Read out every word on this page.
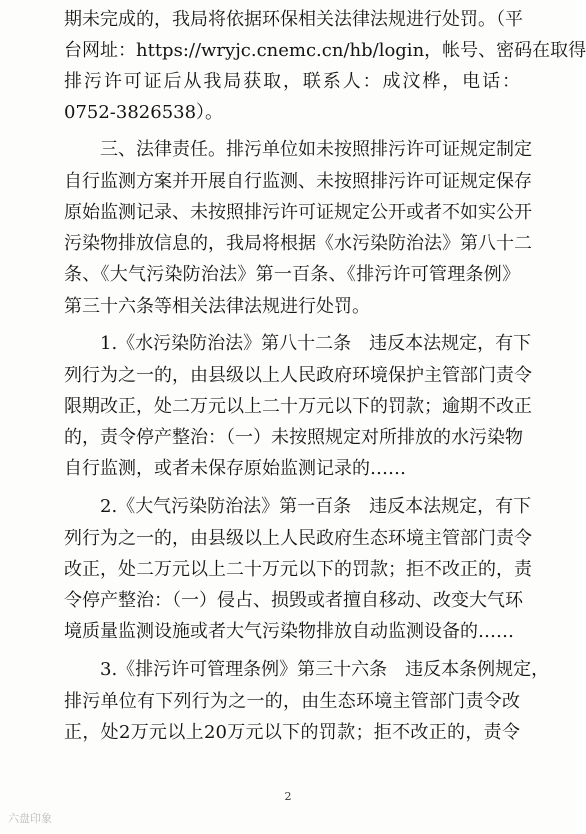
期未完成的，我局将依据环保相关法律法规进行处罚。（平
台网址：https://wryjc.cnemc.cn/hb/login，帐号、密码在取得
排污许可证后从我局获取，联系人：成汶桦，电话：
0752-3826538）。
　　三、法律责任。排污单位如未按照排污许可证规定制定
自行监测方案并开展自行监测、未按照排污许可证规定保存
原始监测记录、未按照排污许可证规定公开或者不如实公开
污染物排放信息的，我局将根据《水污染防治法》第八十二
条、《大气污染防治法》第一百条、《排污许可管理条例》
第三十六条等相关法律法规进行处罚。
　　1.《水污染防治法》第八十二条　违反本法规定，有下
列行为之一的，由县级以上人民政府环境保护主管部门责令
限期改正，处二万元以上二十万元以下的罚款；逾期不改正
的，责令停产整治：（一）未按照规定对所排放的水污染物
自行监测，或者未保存原始监测记录的……
　　2.《大气污染防治法》第一百条　违反本法规定，有下
列行为之一的，由县级以上人民政府生态环境主管部门责令
改正，处二万元以上二十万元以下的罚款；拒不改正的，责
令停产整治：（一）侵占、损毁或者擅自移动、改变大气环
境质量监测设施或者大气污染物排放自动监测设备的……
　　3.《排污许可管理条例》第三十六条　违反本条例规定，
排污单位有下列行为之一的，由生态环境主管部门责令改
正，处2万元以上20万元以下的罚款；拒不改正的，责令
2
六盘印象
